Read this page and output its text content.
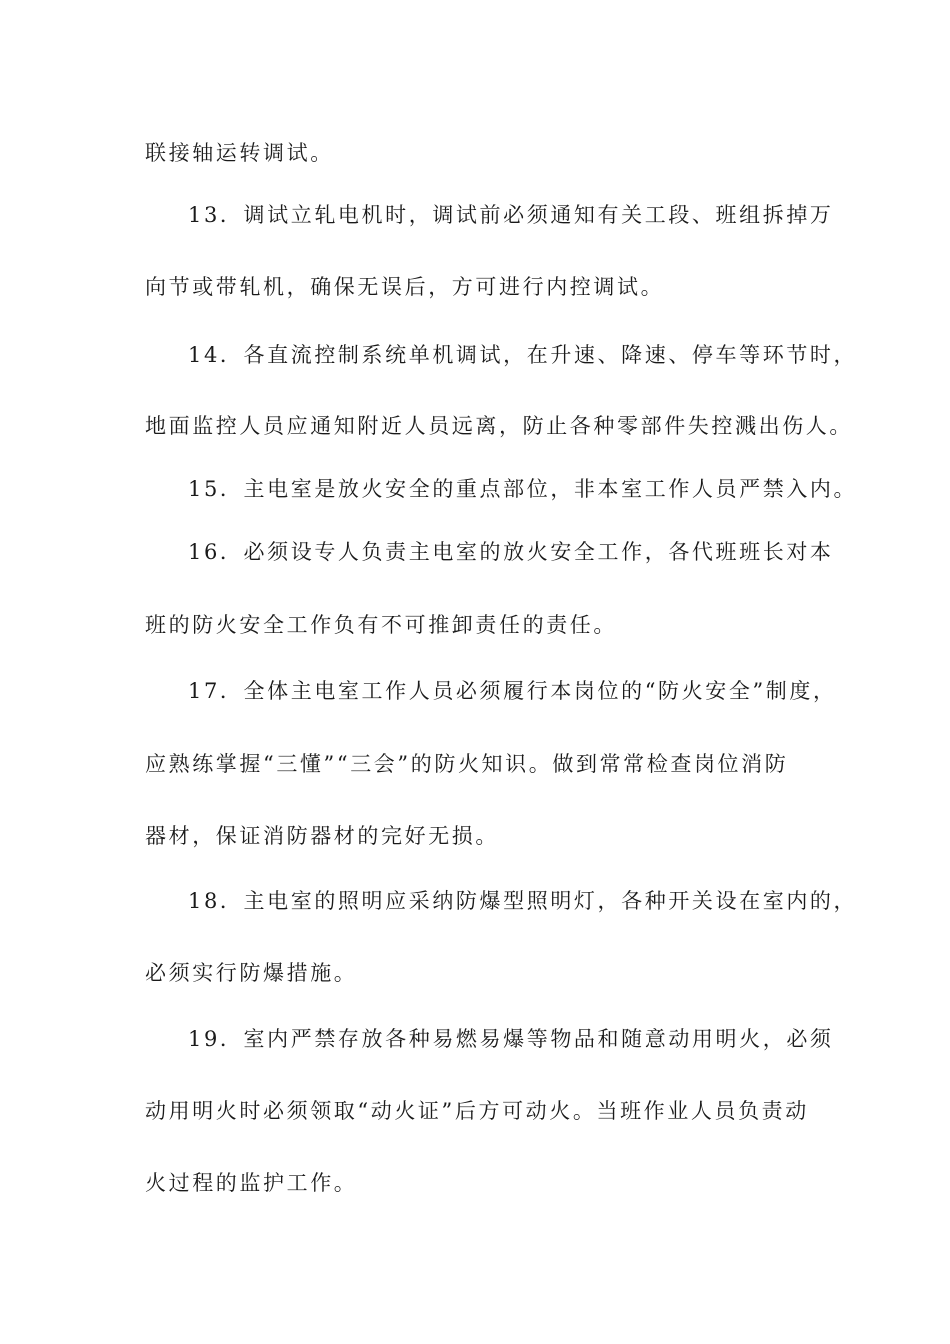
联接轴运转调试。
13．调试立轧电机时，调试前必须通知有关工段、班组拆掉万
向节或带轧机，确保无误后，方可进行内控调试。
14．各直流控制系统单机调试，在升速、降速、停车等环节时，
地面监控人员应通知附近人员远离，防止各种零部件失控溅出伤人。
15．主电室是放火安全的重点部位，非本室工作人员严禁入内。
16．必须设专人负责主电室的放火安全工作，各代班班长对本
班的防火安全工作负有不可推卸责任的责任。
17．全体主电室工作人员必须履行本岗位的“防火安全”制度，
应熟练掌握“三懂”“三会”的防火知识。做到常常检查岗位消防
器材，保证消防器材的完好无损。
18．主电室的照明应采纳防爆型照明灯，各种开关设在室内的，
必须实行防爆措施。
19．室内严禁存放各种易燃易爆等物品和随意动用明火，必须
动用明火时必须领取“动火证”后方可动火。当班作业人员负责动
火过程的监护工作。
